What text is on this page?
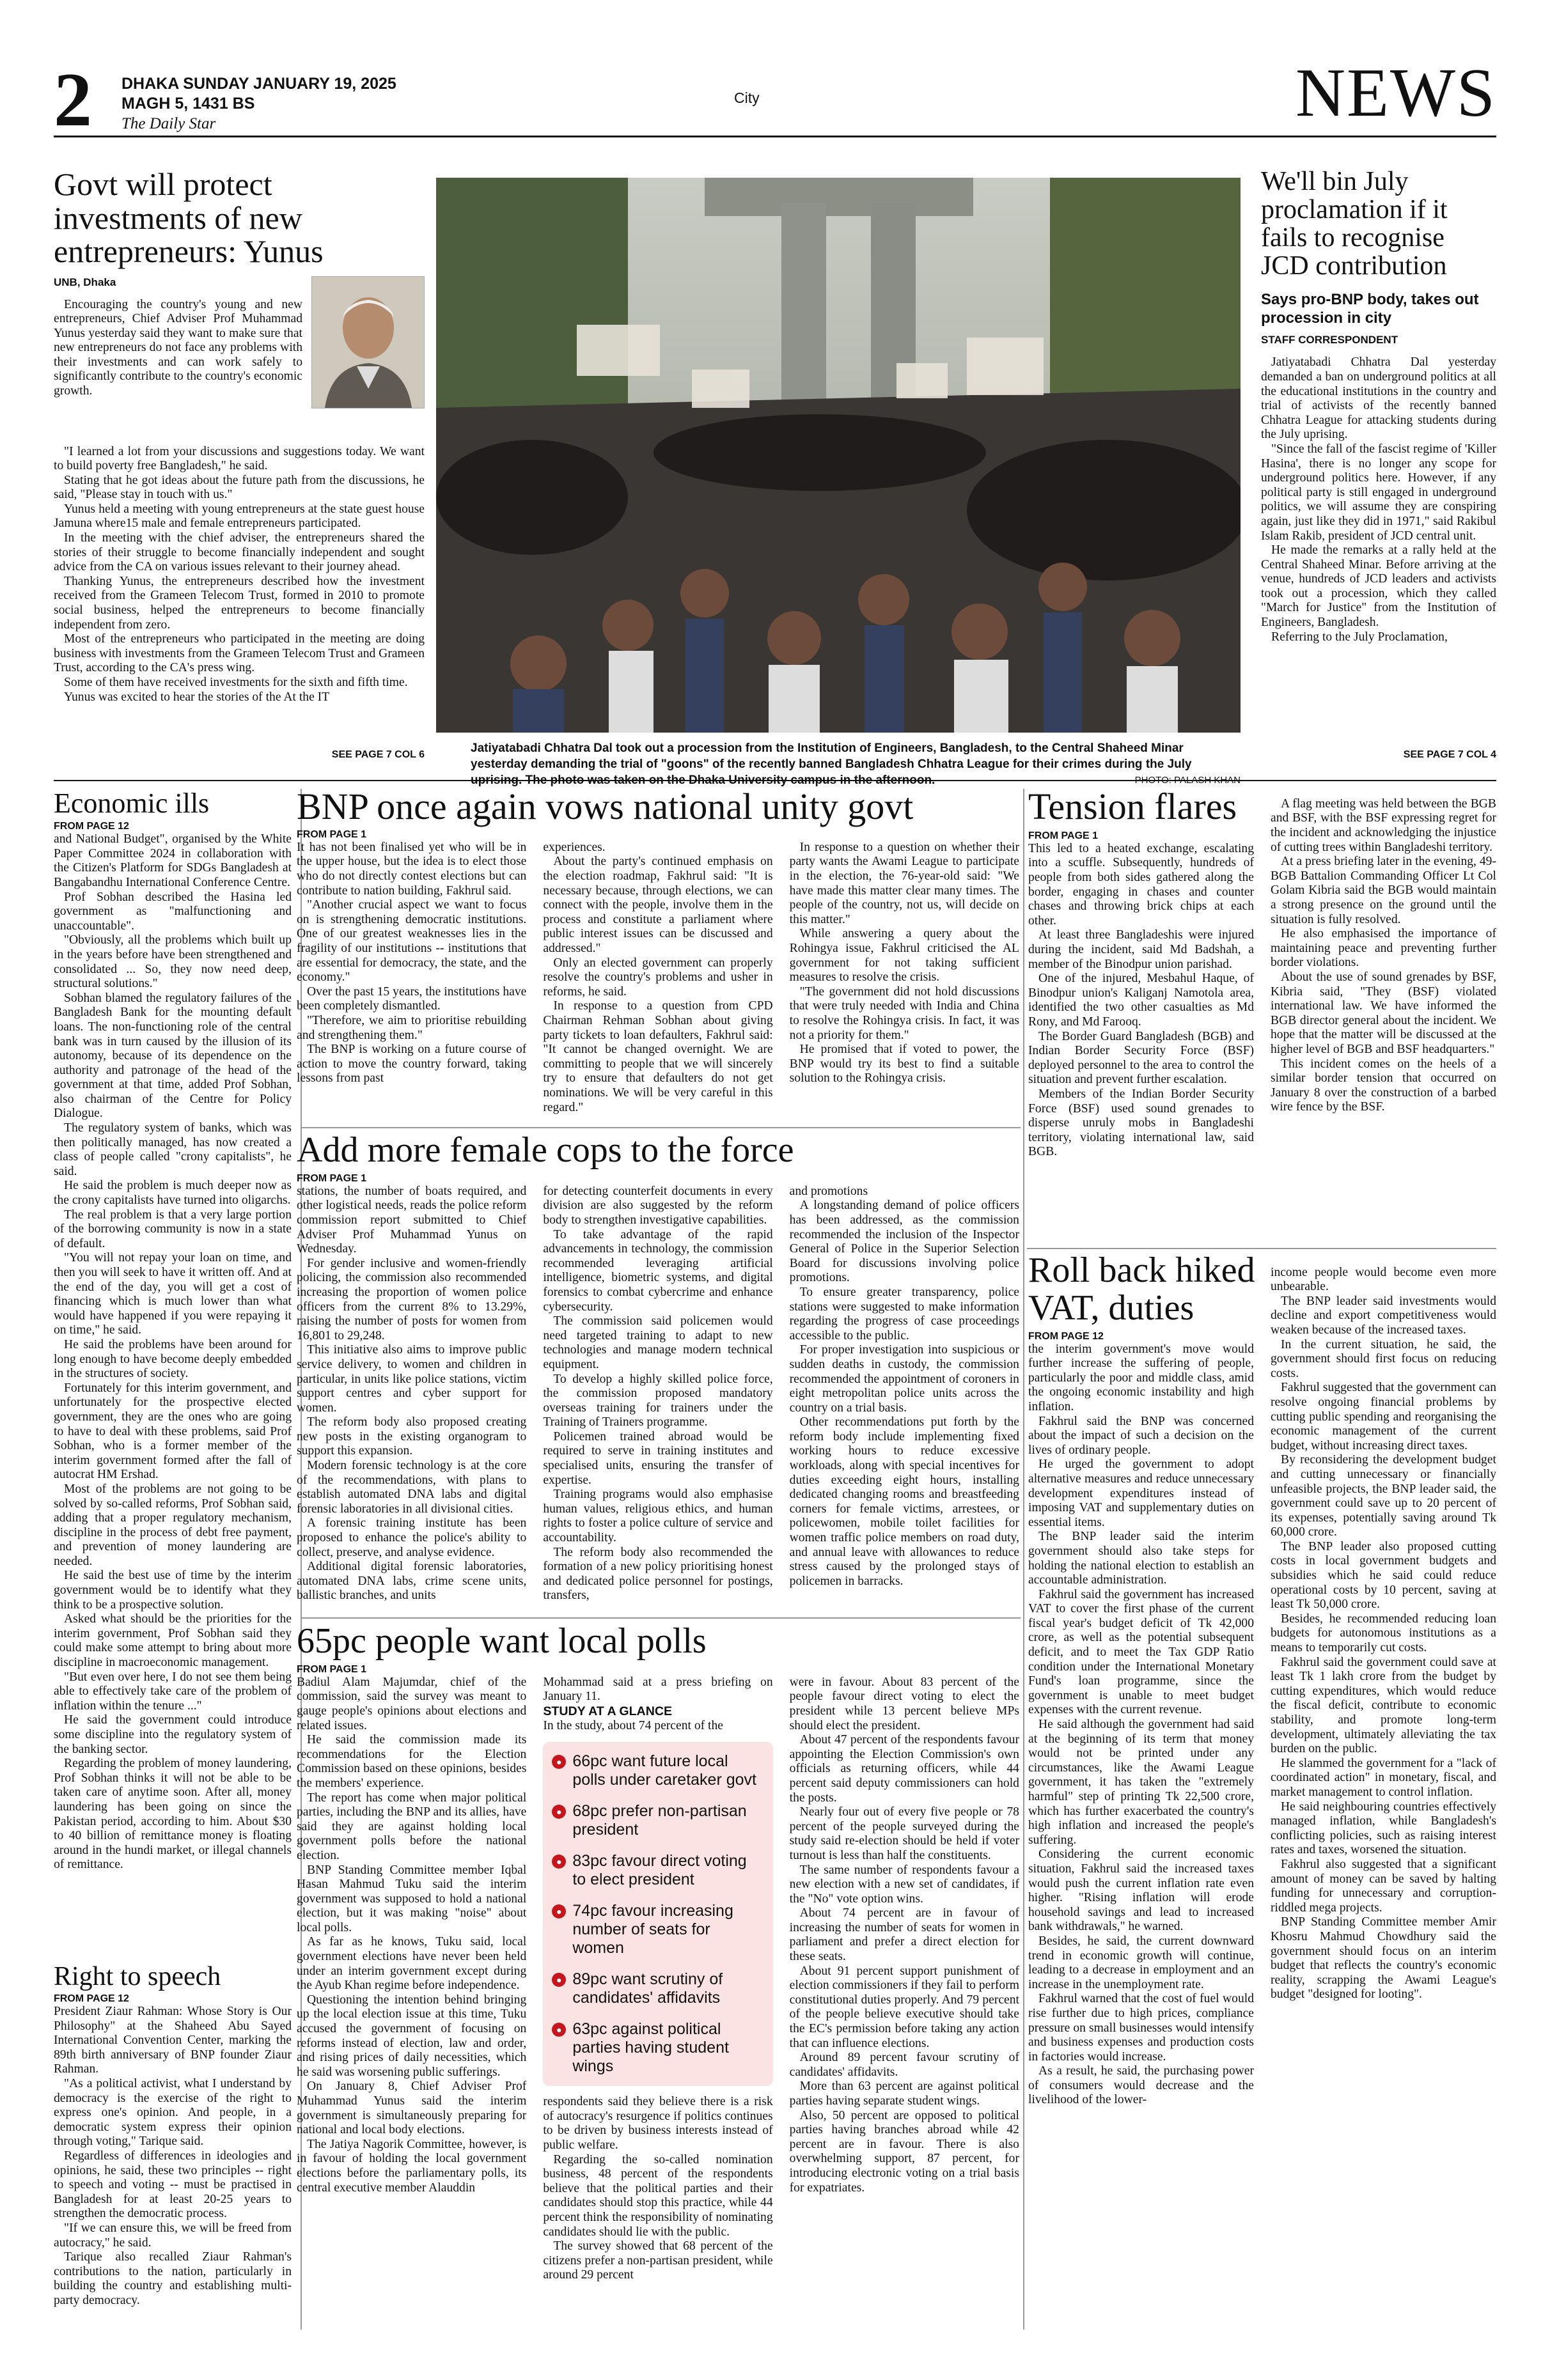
2 DHAKA SUNDAY JANUARY 19, 2025
MAGH 5, 1431 BS
The Daily Star
City	NEWS
Govt will protect investments of new entrepreneurs: Yunus
UNB, Dhaka

Encouraging the country's young and new entrepreneurs, Chief Adviser Prof Muhammad Yunus yesterday said they want to make sure that new entrepreneurs do not face any problems with their investments and can work safely to significantly contribute to the country's economic growth.

"I learned a lot from your discussions and suggestions today. We want to build poverty free Bangladesh," he said.

Stating that he got ideas about the future path from the discussions, he said, "Please stay in touch with us."

Yunus held a meeting with young entrepreneurs at the state guest house Jamuna where15 male and female entrepreneurs participated.

In the meeting with the chief adviser, the entrepreneurs shared the stories of their struggle to become financially independent and sought advice from the CA on various issues relevant to their journey ahead.

Thanking Yunus, the entrepreneurs described how the investment received from the Grameen Telecom Trust, formed in 2010 to promote social business, helped the entrepreneurs to become financially independent from zero.

Most of the entrepreneurs who participated in the meeting are doing business with investments from the Grameen Telecom Trust and Grameen Trust, according to the CA's press wing.

Some of them have received investments for the sixth and fifth time.

Yunus was excited to hear the stories of the At the IT

SEE PAGE 7 COL 6	Jatiyatabadi Chhatra Dal took out a procession from the Institution of Engineers, Bangladesh, to the Central Shaheed Minar yesterday demanding the trial of "goons" of the recently banned Bangladesh Chhatra League for their crimes during the July uprising. The photo was taken on the Dhaka University campus in the afternoon.	PHOTO: PALASH KHAN
We'll bin July proclamation if it fails to recognise JCD contribution
Says pro-BNP body, takes out procession in city
STAFF CORRESPONDENT

Jatiyatabadi Chhatra Dal yesterday demanded a ban on underground politics at all the educational institutions in the country and trial of activists of the recently banned Chhatra League for attacking students during the July uprising.

"Since the fall of the fascist regime of 'Killer Hasina', there is no longer any scope for underground politics here. However, if any political party is still engaged in underground politics, we will assume they are conspiring again, just like they did in 1971," said Rakibul Islam Rakib, president of JCD central unit.

He made the remarks at a rally held at the Central Shaheed Minar. Before arriving at the venue, hundreds of JCD leaders and activists took out a procession, which they called "March for Justice" from the Institution of Engineers, Bangladesh.

Referring to the July Proclamation,

SEE PAGE 7 COL 4
Economic ills
FROM PAGE 12

and National Budget", organised by the White Paper Committee 2024 in collaboration with the Citizen's Platform for SDGs Bangladesh at Bangabandhu International Conference Centre.

Prof Sobhan described the Hasina led government as "malfunctioning and unaccountable".

"Obviously, all the problems which built up in the years before have been strengthened and consolidated ... So, they now need deep, structural solutions."

Sobhan blamed the regulatory failures of the Bangladesh Bank for the mounting default loans. The non-functioning role of the central bank was in turn caused by the illusion of its autonomy, because of its dependence on the authority and patronage of the head of the government at that time, added Prof Sobhan, also chairman of the Centre for Policy Dialogue.

The regulatory system of banks, which was then politically managed, has now created a class of people called "crony capitalists", he said.

He said the problem is much deeper now as the crony capitalists have turned into oligarchs.

The real problem is that a very large portion of the borrowing community is now in a state of default.

"You will not repay your loan on time, and then you will seek to have it written off. And at the end of the day, you will get a cost of financing which is much lower than what would have happened if you were repaying it on time," he said.

He said the problems have been around for long enough to have become deeply embedded in the structures of society.

Fortunately for this interim government, and unfortunately for the prospective elected government, they are the ones who are going to have to deal with these problems, said Prof Sobhan, who is a former member of the interim government formed after the fall of autocrat HM Ershad.

Most of the problems are not going to be solved by so-called reforms, Prof Sobhan said, adding that a proper regulatory mechanism, discipline in the process of debt free payment, and prevention of money laundering are needed.

He said the best use of time by the interim government would be to identify what they think to be a prospective solution.

Asked what should be the priorities for the interim government, Prof Sobhan said they could make some attempt to bring about more discipline in macroeconomic management.

"But even over here, I do not see them being able to effectively take care of the problem of inflation within the tenure ..."

He said the government could introduce some discipline into the regulatory system of the banking sector.

Regarding the problem of money laundering, Prof Sobhan thinks it will not be able to be taken care of anytime soon. After all, money laundering has been going on since the Pakistan period, according to him. About $30 to 40 billion of remittance money is floating around in the hundi market, or illegal channels of remittance.

Right to speech
FROM PAGE 12

President Ziaur Rahman: Whose Story is Our Philosophy" at the Shaheed Abu Sayed International Convention Center, marking the 89th birth anniversary of BNP founder Ziaur Rahman.

"As a political activist, what I understand by democracy is the exercise of the right to express one's opinion. And people, in a democratic system express their opinion through voting," Tarique said.

Regardless of differences in ideologies and opinions, he said, these two principles -- right to speech and voting -- must be practised in Bangladesh for at least 20-25 years to strengthen the democratic process.

"If we can ensure this, we will be freed from autocracy," he said.

Tarique also recalled Ziaur Rahman's contributions to the nation, particularly in building the country and establishing multi-party democracy.

BNP once again vows national unity govt
FROM PAGE 1

It has not been finalised yet who will be in the upper house, but the idea is to elect those who do not directly contest elections but can contribute to nation building, Fakhrul said.

"Another crucial aspect we want to focus on is strengthening democratic institutions. One of our greatest weaknesses lies in the fragility of our institutions -- institutions that are essential for democracy, the state, and the economy."

Over the past 15 years, the institutions have been completely dismantled.

"Therefore, we aim to prioritise rebuilding and strengthening them."

The BNP is working on a future course of action to move the country forward, taking lessons from past

experiences.

About the party's continued emphasis on the election roadmap, Fakhrul said: "It is necessary because, through elections, we can connect with the people, involve them in the process and constitute a parliament where public interest issues can be discussed and addressed."

Only an elected government can properly resolve the country's problems and usher in reforms, he said.

In response to a question from CPD Chairman Rehman Sobhan about giving party tickets to loan defaulters, Fakhrul said: "It cannot be changed overnight. We are committing to people that we will sincerely try to ensure that defaulters do not get nominations. We will be very careful in this regard."

In response to a question on whether their party wants the Awami League to participate in the election, the 76-year-old said: "We have made this matter clear many times. The people of the country, not us, will decide on this matter."

While answering a query about the Rohingya issue, Fakhrul criticised the AL government for not taking sufficient measures to resolve the crisis.

"The government did not hold discussions that were truly needed with India and China to resolve the Rohingya crisis. In fact, it was not a priority for them."

He promised that if voted to power, the BNP would try its best to find a suitable solution to the Rohingya crisis.

Add more female cops to the force
FROM PAGE 1

stations, the number of boats required, and other logistical needs, reads the police reform commission report submitted to Chief Adviser Prof Muhammad Yunus on Wednesday.

For gender inclusive and women-friendly policing, the commission also recommended increasing the proportion of women police officers from the current 8% to 13.29%, raising the number of posts for women from 16,801 to 29,248.

This initiative also aims to improve public service delivery, to women and children in particular, in units like police stations, victim support centres and cyber support for women.

The reform body also proposed creating new posts in the existing organogram to support this expansion.

Modern forensic technology is at the core of the recommendations, with plans to establish automated DNA labs and digital forensic laboratories in all divisional cities.

A forensic training institute has been proposed to enhance the police's ability to collect, preserve, and analyse evidence.

Additional digital forensic laboratories, automated DNA labs, crime scene units, ballistic branches, and units

for detecting counterfeit documents in every division are also suggested by the reform body to strengthen investigative capabilities.

To take advantage of the rapid advancements in technology, the commission recommended leveraging artificial intelligence, biometric systems, and digital forensics to combat cybercrime and enhance cybersecurity.

The commission said policemen would need targeted training to adapt to new technologies and manage modern technical equipment.

To develop a highly skilled police force, the commission proposed mandatory overseas training for trainers under the Training of Trainers programme.

Policemen trained abroad would be required to serve in training institutes and specialised units, ensuring the transfer of expertise.

Training programs would also emphasise human values, religious ethics, and human rights to foster a police culture of service and accountability.

The reform body also recommended the formation of a new policy prioritising honest and dedicated police personnel for postings, transfers,

and promotions

A longstanding demand of police officers has been addressed, as the commission recommended the inclusion of the Inspector General of Police in the Superior Selection Board for discussions involving police promotions.

To ensure greater transparency, police stations were suggested to make information regarding the progress of case proceedings accessible to the public.

For proper investigation into suspicious or sudden deaths in custody, the commission recommended the appointment of coroners in eight metropolitan police units across the country on a trial basis.

Other recommendations put forth by the reform body include implementing fixed working hours to reduce excessive workloads, along with special incentives for duties exceeding eight hours, installing dedicated changing rooms and breastfeeding corners for female victims, arrestees, or policewomen, mobile toilet facilities for women traffic police members on road duty, and annual leave with allowances to reduce stress caused by the prolonged stays of policemen in barracks.

65pc people want local polls
FROM PAGE 1

Badiul Alam Majumdar, chief of the commission, said the survey was meant to gauge people's opinions about elections and related issues.

He said the commission made its recommendations for the Election Commission based on these opinions, besides the members' experience.

The report has come when major political parties, including the BNP and its allies, have said they are against holding local government polls before the national election.

BNP Standing Committee member Iqbal Hasan Mahmud Tuku said the interim government was supposed to hold a national election, but it was making "noise" about local polls.

As far as he knows, Tuku said, local government elections have never been held under an interim government except during the Ayub Khan regime before independence.

Questioning the intention behind bringing up the local election issue at this time, Tuku accused the government of focusing on reforms instead of election, law and order, and rising prices of daily necessities, which he said was worsening public sufferings.

On January 8, Chief Adviser Prof Muhammad Yunus said the interim government is simultaneously preparing for national and local body elections.

The Jatiya Nagorik Committee, however, is in favour of holding the local government elections before the parliamentary polls, its central executive member Alauddin

Mohammad said at a press briefing on January 11.

STUDY AT A GLANCE

In the study, about 74 percent of the

● 66pc want future local polls under caretaker govt
● 68pc prefer non-partisan president
● 83pc favour direct voting to elect president
● 74pc favour increasing number of seats for women
● 89pc want scrutiny of candidates' affidavits
● 63pc against political parties having student wings

respondents said they believe there is a risk of autocracy's resurgence if politics continues to be driven by business interests instead of public welfare.

Regarding the so-called nomination business, 48 percent of the respondents believe that the political parties and their candidates should stop this practice, while 44 percent think the responsibility of nominating candidates should lie with the public.

The survey showed that 68 percent of the citizens prefer a non-partisan president, while around 29 percent

were in favour. About 83 percent of the people favour direct voting to elect the president while 13 percent believe MPs should elect the president.

About 47 percent of the respondents favour appointing the Election Commission's own officials as returning officers, while 44 percent said deputy commissioners can hold the posts.

Nearly four out of every five people or 78 percent of the people surveyed during the study said re-election should be held if voter turnout is less than half the constituents.

The same number of respondents favour a new election with a new set of candidates, if the "No" vote option wins.

About 74 percent are in favour of increasing the number of seats for women in parliament and prefer a direct election for these seats.

About 91 percent support punishment of election commissioners if they fail to perform constitutional duties properly. And 79 percent of the people believe executive should take the EC's permission before taking any action that can influence elections.

Around 89 percent favour scrutiny of candidates' affidavits.

More than 63 percent are against political parties having separate student wings.

Also, 50 percent are opposed to political parties having branches abroad while 42 percent are in favour. There is also overwhelming support, 87 percent, for introducing electronic voting on a trial basis for expatriates.

Tension flares
FROM PAGE 1

This led to a heated exchange, escalating into a scuffle. Subsequently, hundreds of people from both sides gathered along the border, engaging in chases and counter chases and throwing brick chips at each other.

At least three Bangladeshis were injured during the incident, said Md Badshah, a member of the Binodpur union parishad.

One of the injured, Mesbahul Haque, of Binodpur union's Kaliganj Namotola area, identified the two other casualties as Md Rony, and Md Farooq.

The Border Guard Bangladesh (BGB) and Indian Border Security Force (BSF) deployed personnel to the area to control the situation and prevent further escalation.

Members of the Indian Border Security Force (BSF) used sound grenades to disperse unruly mobs in Bangladeshi territory, violating international law, said BGB.

A flag meeting was held between the BGB and BSF, with the BSF expressing regret for the incident and acknowledging the injustice of cutting trees within Bangladeshi territory.

At a press briefing later in the evening, 49-BGB Battalion Commanding Officer Lt Col Golam Kibria said the BGB would maintain a strong presence on the ground until the situation is fully resolved.

He also emphasised the importance of maintaining peace and preventing further border violations.

About the use of sound grenades by BSF, Kibria said, "They (BSF) violated international law. We have informed the BGB director general about the incident. We hope that the matter will be discussed at the higher level of BGB and BSF headquarters."

This incident comes on the heels of a similar border tension that occurred on January 8 over the construction of a barbed wire fence by the BSF.

Roll back hiked VAT, duties
FROM PAGE 12

the interim government's move would further increase the suffering of people, particularly the poor and middle class, amid the ongoing economic instability and high inflation.

Fakhrul said the BNP was concerned about the impact of such a decision on the lives of ordinary people.

He urged the government to adopt alternative measures and reduce unnecessary development expenditures instead of imposing VAT and supplementary duties on essential items.

The BNP leader said the interim government should also take steps for holding the national election to establish an accountable administration.

Fakhrul said the government has increased VAT to cover the first phase of the current fiscal year's budget deficit of Tk 42,000 crore, as well as the potential subsequent deficit, and to meet the Tax GDP Ratio condition under the International Monetary Fund's loan programme, since the government is unable to meet budget expenses with the current revenue.

He said although the government had said at the beginning of its term that money would not be printed under any circumstances, like the Awami League government, it has taken the "extremely harmful" step of printing Tk 22,500 crore, which has further exacerbated the country's high inflation and increased the people's suffering.

Considering the current economic situation, Fakhrul said the increased taxes would push the current inflation rate even higher. "Rising inflation will erode household savings and lead to increased bank withdrawals," he warned.

Besides, he said, the current downward trend in economic growth will continue, leading to a decrease in employment and an increase in the unemployment rate.

Fakhrul warned that the cost of fuel would rise further due to high prices, compliance pressure on small businesses would intensify and business expenses and production costs in factories would increase.

As a result, he said, the purchasing power of consumers would decrease and the livelihood of the lower-

income people would become even more unbearable.

The BNP leader said investments would decline and export competitiveness would weaken because of the increased taxes.

In the current situation, he said, the government should first focus on reducing costs.

Fakhrul suggested that the government can resolve ongoing financial problems by cutting public spending and reorganising the economic management of the current budget, without increasing direct taxes.

By reconsidering the development budget and cutting unnecessary or financially unfeasible projects, the BNP leader said, the government could save up to 20 percent of its expenses, potentially saving around Tk 60,000 crore.

The BNP leader also proposed cutting costs in local government budgets and subsidies which he said could reduce operational costs by 10 percent, saving at least Tk 50,000 crore.

Besides, he recommended reducing loan budgets for autonomous institutions as a means to temporarily cut costs.

Fakhrul said the government could save at least Tk 1 lakh crore from the budget by cutting expenditures, which would reduce the fiscal deficit, contribute to economic stability, and promote long-term development, ultimately alleviating the tax burden on the public.

He slammed the government for a "lack of coordinated action" in monetary, fiscal, and market management to control inflation.

He said neighbouring countries effectively managed inflation, while Bangladesh's conflicting policies, such as raising interest rates and taxes, worsened the situation.

Fakhrul also suggested that a significant amount of money can be saved by halting funding for unnecessary and corruption-riddled mega projects.

BNP Standing Committee member Amir Khosru Mahmud Chowdhury said the government should focus on an interim budget that reflects the country's economic reality, scrapping the Awami League's budget "designed for looting".
